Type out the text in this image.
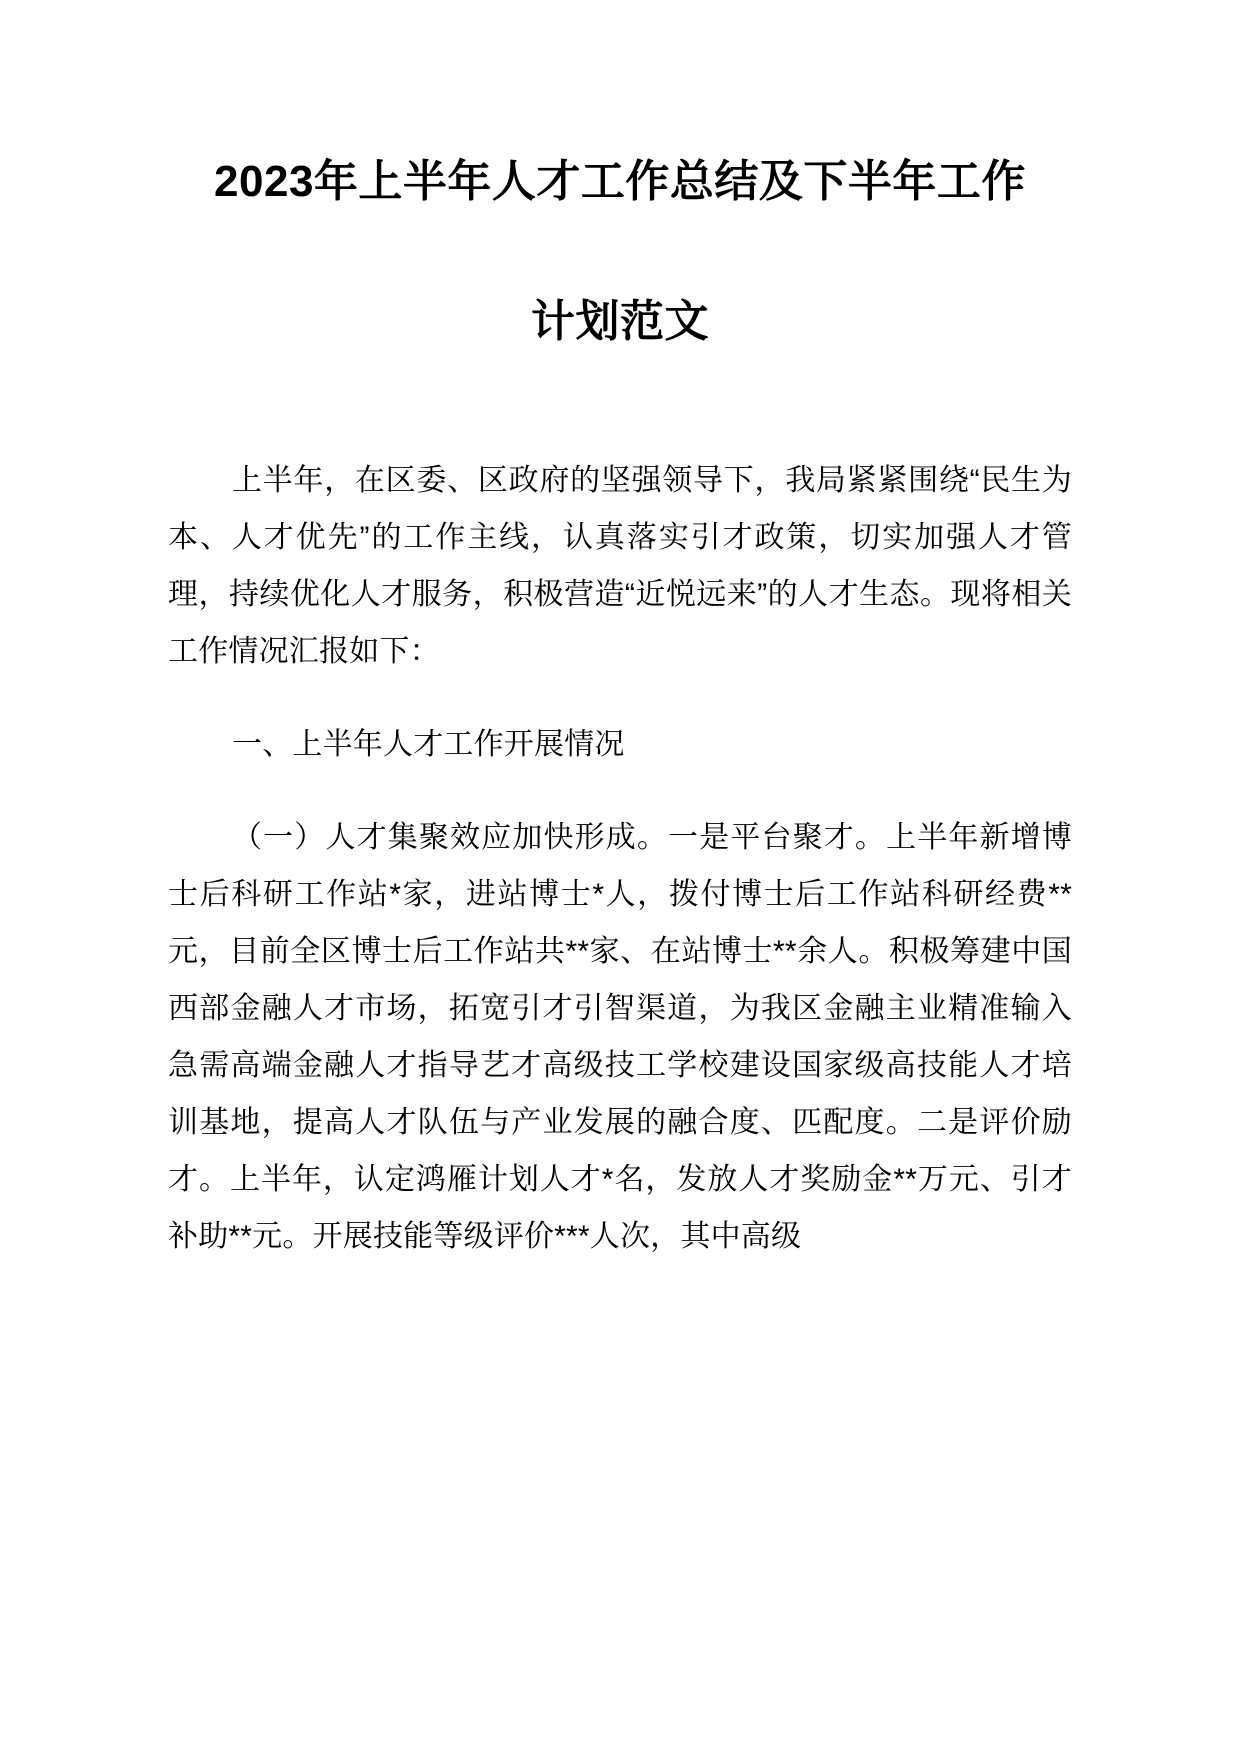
2023年上半年人才工作总结及下半年工作
计划范文

上半年，在区委、区政府的坚强领导下，我局紧紧围绕“民生为本、人才优先”的工作主线，认真落实引才政策，切实加强人才管理，持续优化人才服务，积极营造“近悦远来”的人才生态。现将相关工作情况汇报如下：

一、上半年人才工作开展情况

（一）人才集聚效应加快形成。一是平台聚才。上半年新增博士后科研工作站*家，进站博士*人，拨付博士后工作站科研经费**元，目前全区博士后工作站共**家、在站博士**余人。积极筹建中国西部金融人才市场，拓宽引才引智渠道，为我区金融主业精准输入急需高端金融人才指导艺才高级技工学校建设国家级高技能人才培训基地，提高人才队伍与产业发展的融合度、匹配度。二是评价励才。上半年，认定鸿雁计划人才*名，发放人才奖励金**万元、引才补助**元。开展技能等级评价***人次，其中高级
